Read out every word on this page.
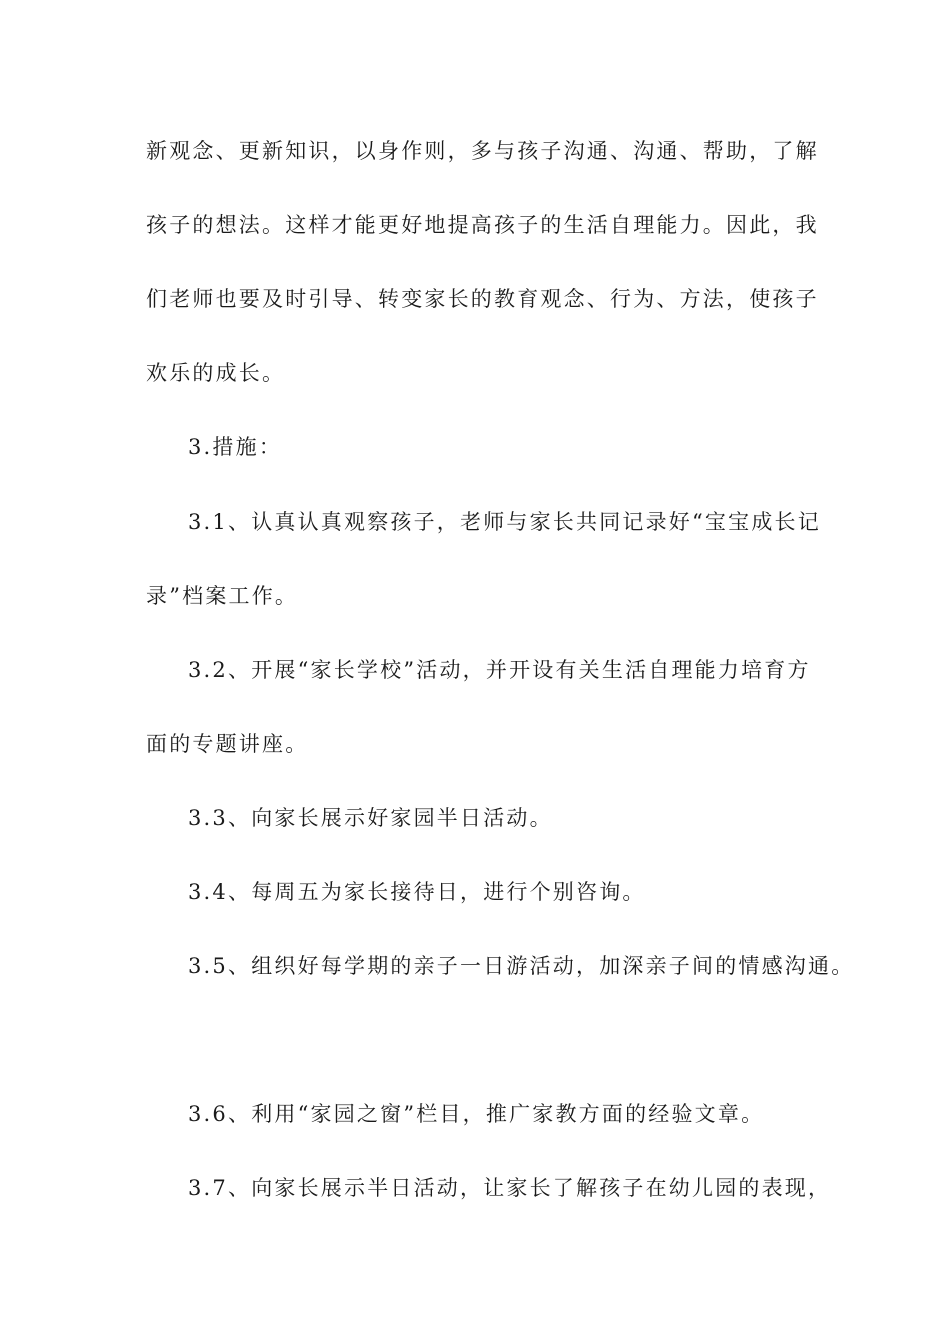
新观念、更新知识，以身作则，多与孩子沟通、沟通、帮助，了解
孩子的想法。这样才能更好地提高孩子的生活自理能力。因此，我
们老师也要及时引导、转变家长的教育观念、行为、方法，使孩子
欢乐的成长。
3.措施：
3.1、认真认真观察孩子，老师与家长共同记录好“宝宝成长记
录”档案工作。
3.2、开展“家长学校”活动，并开设有关生活自理能力培育方
面的专题讲座。
3.3、向家长展示好家园半日活动。
3.4、每周五为家长接待日，进行个别咨询。
3.5、组织好每学期的亲子一日游活动，加深亲子间的情感沟通。
3.6、利用“家园之窗”栏目，推广家教方面的经验文章。
3.7、向家长展示半日活动，让家长了解孩子在幼儿园的表现，
